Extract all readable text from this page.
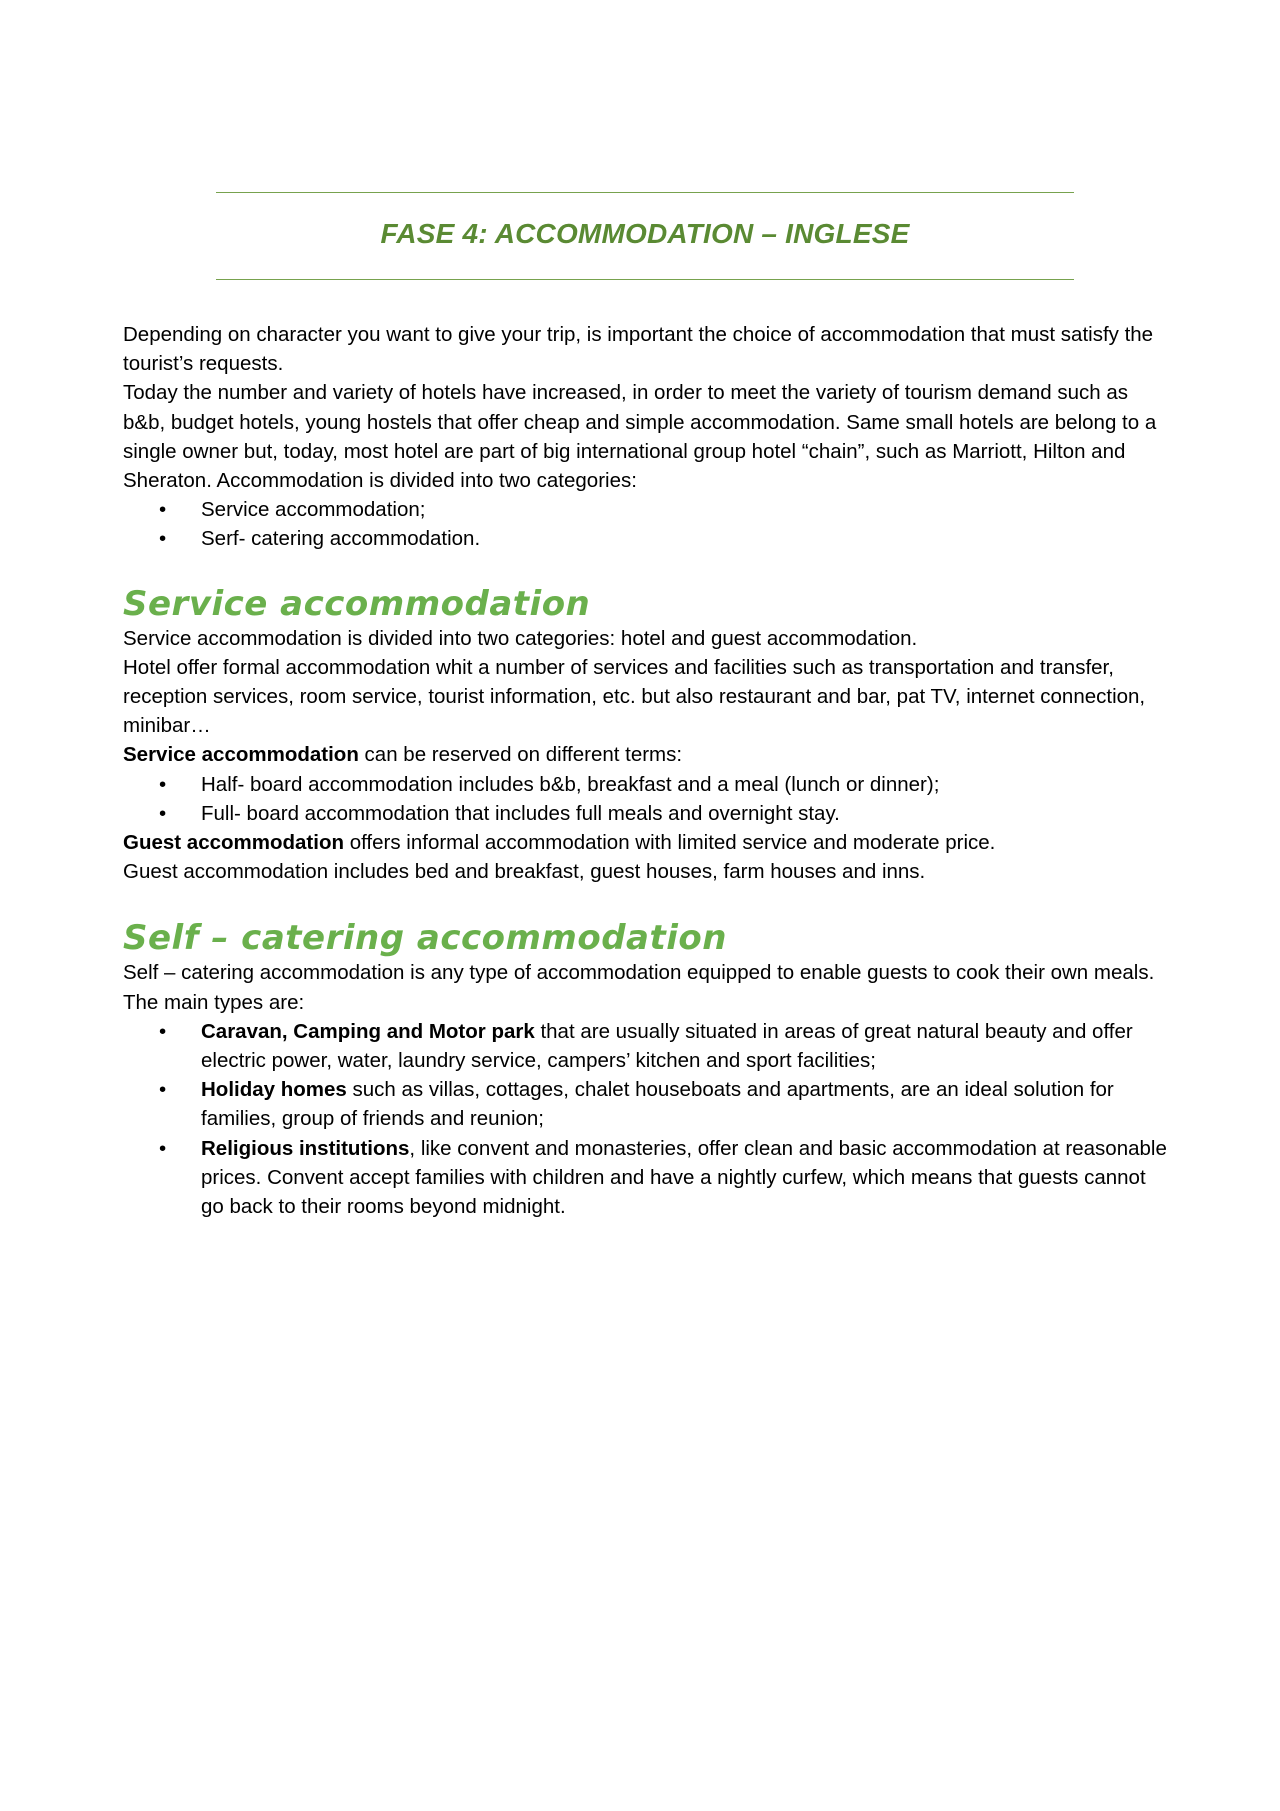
FASE 4: ACCOMMODATION – INGLESE

Depending on character you want to give your trip, is important the choice of accommodation that must satisfy the tourist’s requests.

Today the number and variety of hotels have increased, in order to meet the variety of tourism demand such as b&b, budget hotels, young hostels that offer cheap and simple accommodation. Same small hotels are belong to a single owner but, today, most hotel are part of big international group hotel “chain”, such as Marriott, Hilton and Sheraton. Accommodation is divided into two categories:

• Service accommodation;
• Serf- catering accommodation.
Service accommodation

Service accommodation is divided into two categories: hotel and guest accommodation.

Hotel offer formal accommodation whit a number of services and facilities such as transportation and transfer, reception services, room service, tourist information, etc. but also restaurant and bar, pat TV, internet connection, minibar…

Service accommodation can be reserved on different terms:

• Half- board accommodation includes b&b, breakfast and a meal (lunch or dinner);
• Full- board accommodation that includes full meals and overnight stay.

Guest accommodation offers informal accommodation with limited service and moderate price.

Guest accommodation includes bed and breakfast, guest houses, farm houses and inns.

Self – catering accommodation

Self – catering accommodation is any type of accommodation equipped to enable guests to cook their own meals. The main types are:

• Caravan, Camping and Motor park that are usually situated in areas of great natural beauty and offer electric power, water, laundry service, campers’ kitchen and sport facilities;
• Holiday homes such as villas, cottages, chalet houseboats and apartments, are an ideal solution for families, group of friends and reunion;
• Religious institutions, like convent and monasteries, offer clean and basic accommodation at reasonable prices. Convent accept families with children and have a nightly curfew, which means that guests cannot go back to their rooms beyond midnight.
